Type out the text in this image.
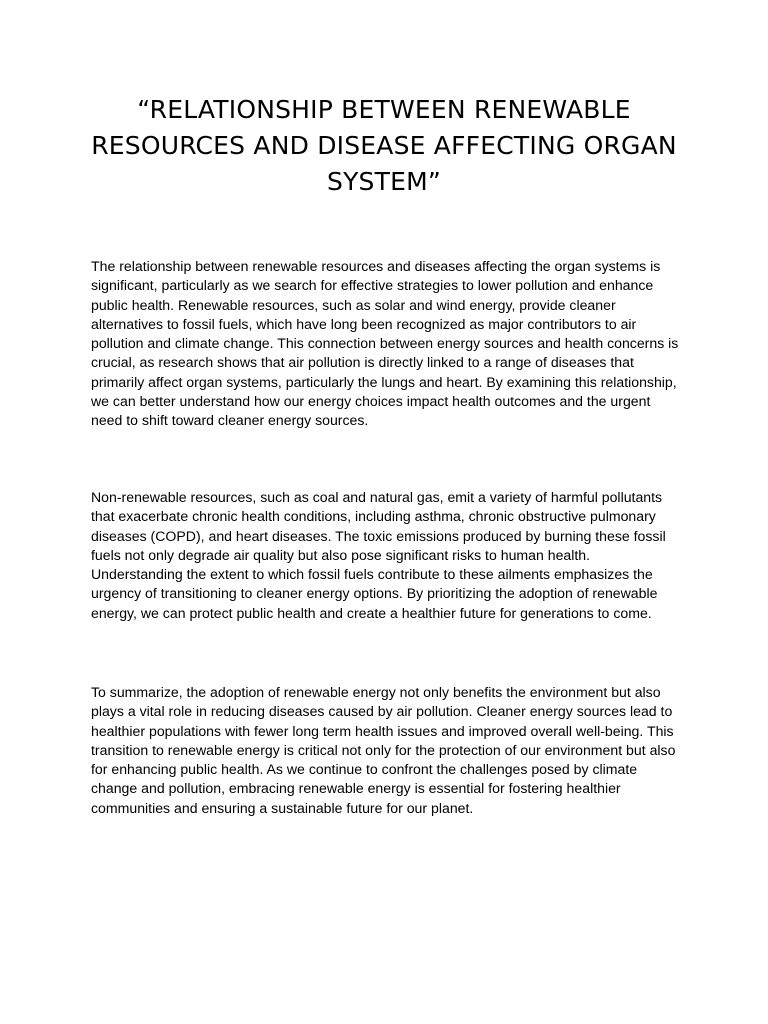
“RELATIONSHIP BETWEEN RENEWABLE RESOURCES AND DISEASE AFFECTING ORGAN SYSTEM”

The relationship between renewable resources and diseases affecting the organ systems is significant, particularly as we search for effective strategies to lower pollution and enhance public health. Renewable resources, such as solar and wind energy, provide cleaner alternatives to fossil fuels, which have long been recognized as major contributors to air pollution and climate change. This connection between energy sources and health concerns is crucial, as research shows that air pollution is directly linked to a range of diseases that primarily affect organ systems, particularly the lungs and heart. By examining this relationship, we can better understand how our energy choices impact health outcomes and the urgent need to shift toward cleaner energy sources.

Non-renewable resources, such as coal and natural gas, emit a variety of harmful pollutants that exacerbate chronic health conditions, including asthma, chronic obstructive pulmonary diseases (COPD), and heart diseases. The toxic emissions produced by burning these fossil fuels not only degrade air quality but also pose significant risks to human health. Understanding the extent to which fossil fuels contribute to these ailments emphasizes the urgency of transitioning to cleaner energy options. By prioritizing the adoption of renewable energy, we can protect public health and create a healthier future for generations to come.

To summarize, the adoption of renewable energy not only benefits the environment but also plays a vital role in reducing diseases caused by air pollution. Cleaner energy sources lead to healthier populations with fewer long term health issues and improved overall well-being. This transition to renewable energy is critical not only for the protection of our environment but also for enhancing public health. As we continue to confront the challenges posed by climate change and pollution, embracing renewable energy is essential for fostering healthier communities and ensuring a sustainable future for our planet.
